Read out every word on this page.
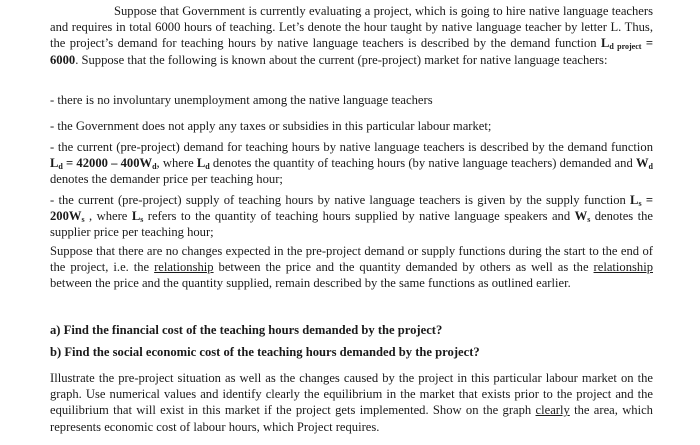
Suppose that Government is currently evaluating a project, which is going to hire native language teachers and requires in total 6000 hours of teaching. Let’s denote the hour taught by native language teacher by letter L. Thus, the project’s demand for teaching hours by native language teachers is described by the demand function $L_{d project} = 6000$. Suppose that the following is known about the current (pre-project) market for native language teachers:

- there is no involuntary unemployment among the native language teachers

- the Government does not apply any taxes or subsidies in this particular labour market;

- the current (pre-project) demand for teaching hours by native language teachers is described by the demand function $L_d = 42000 - 400W_d$, where $L_d$ denotes the quantity of teaching hours (by native language teachers) demanded and $W_d$ denotes the demander price per teaching hour;

- the current (pre-project) supply of teaching hours by native language teachers is given by the supply function $L_s = 200W_s$ , where $L_s$ refers to the quantity of teaching hours supplied by native language speakers and $W_s$ denotes the supplier price per teaching hour;

Suppose that there are no changes expected in the pre-project demand or supply functions during the start to the end of the project, i.e. the relationship between the price and the quantity demanded by others as well as the relationship between the price and the quantity supplied, remain described by the same functions as outlined earlier.

a) Find the financial cost of the teaching hours demanded by the project?

b) Find the social economic cost of the teaching hours demanded by the project?

Illustrate the pre-project situation as well as the changes caused by the project in this particular labour market on the graph. Use numerical values and identify clearly the equilibrium in the market that exists prior to the project and the equilibrium that will exist in this market if the project gets implemented. Show on the graph clearly the area, which represents economic cost of labour hours, which Project requires.
